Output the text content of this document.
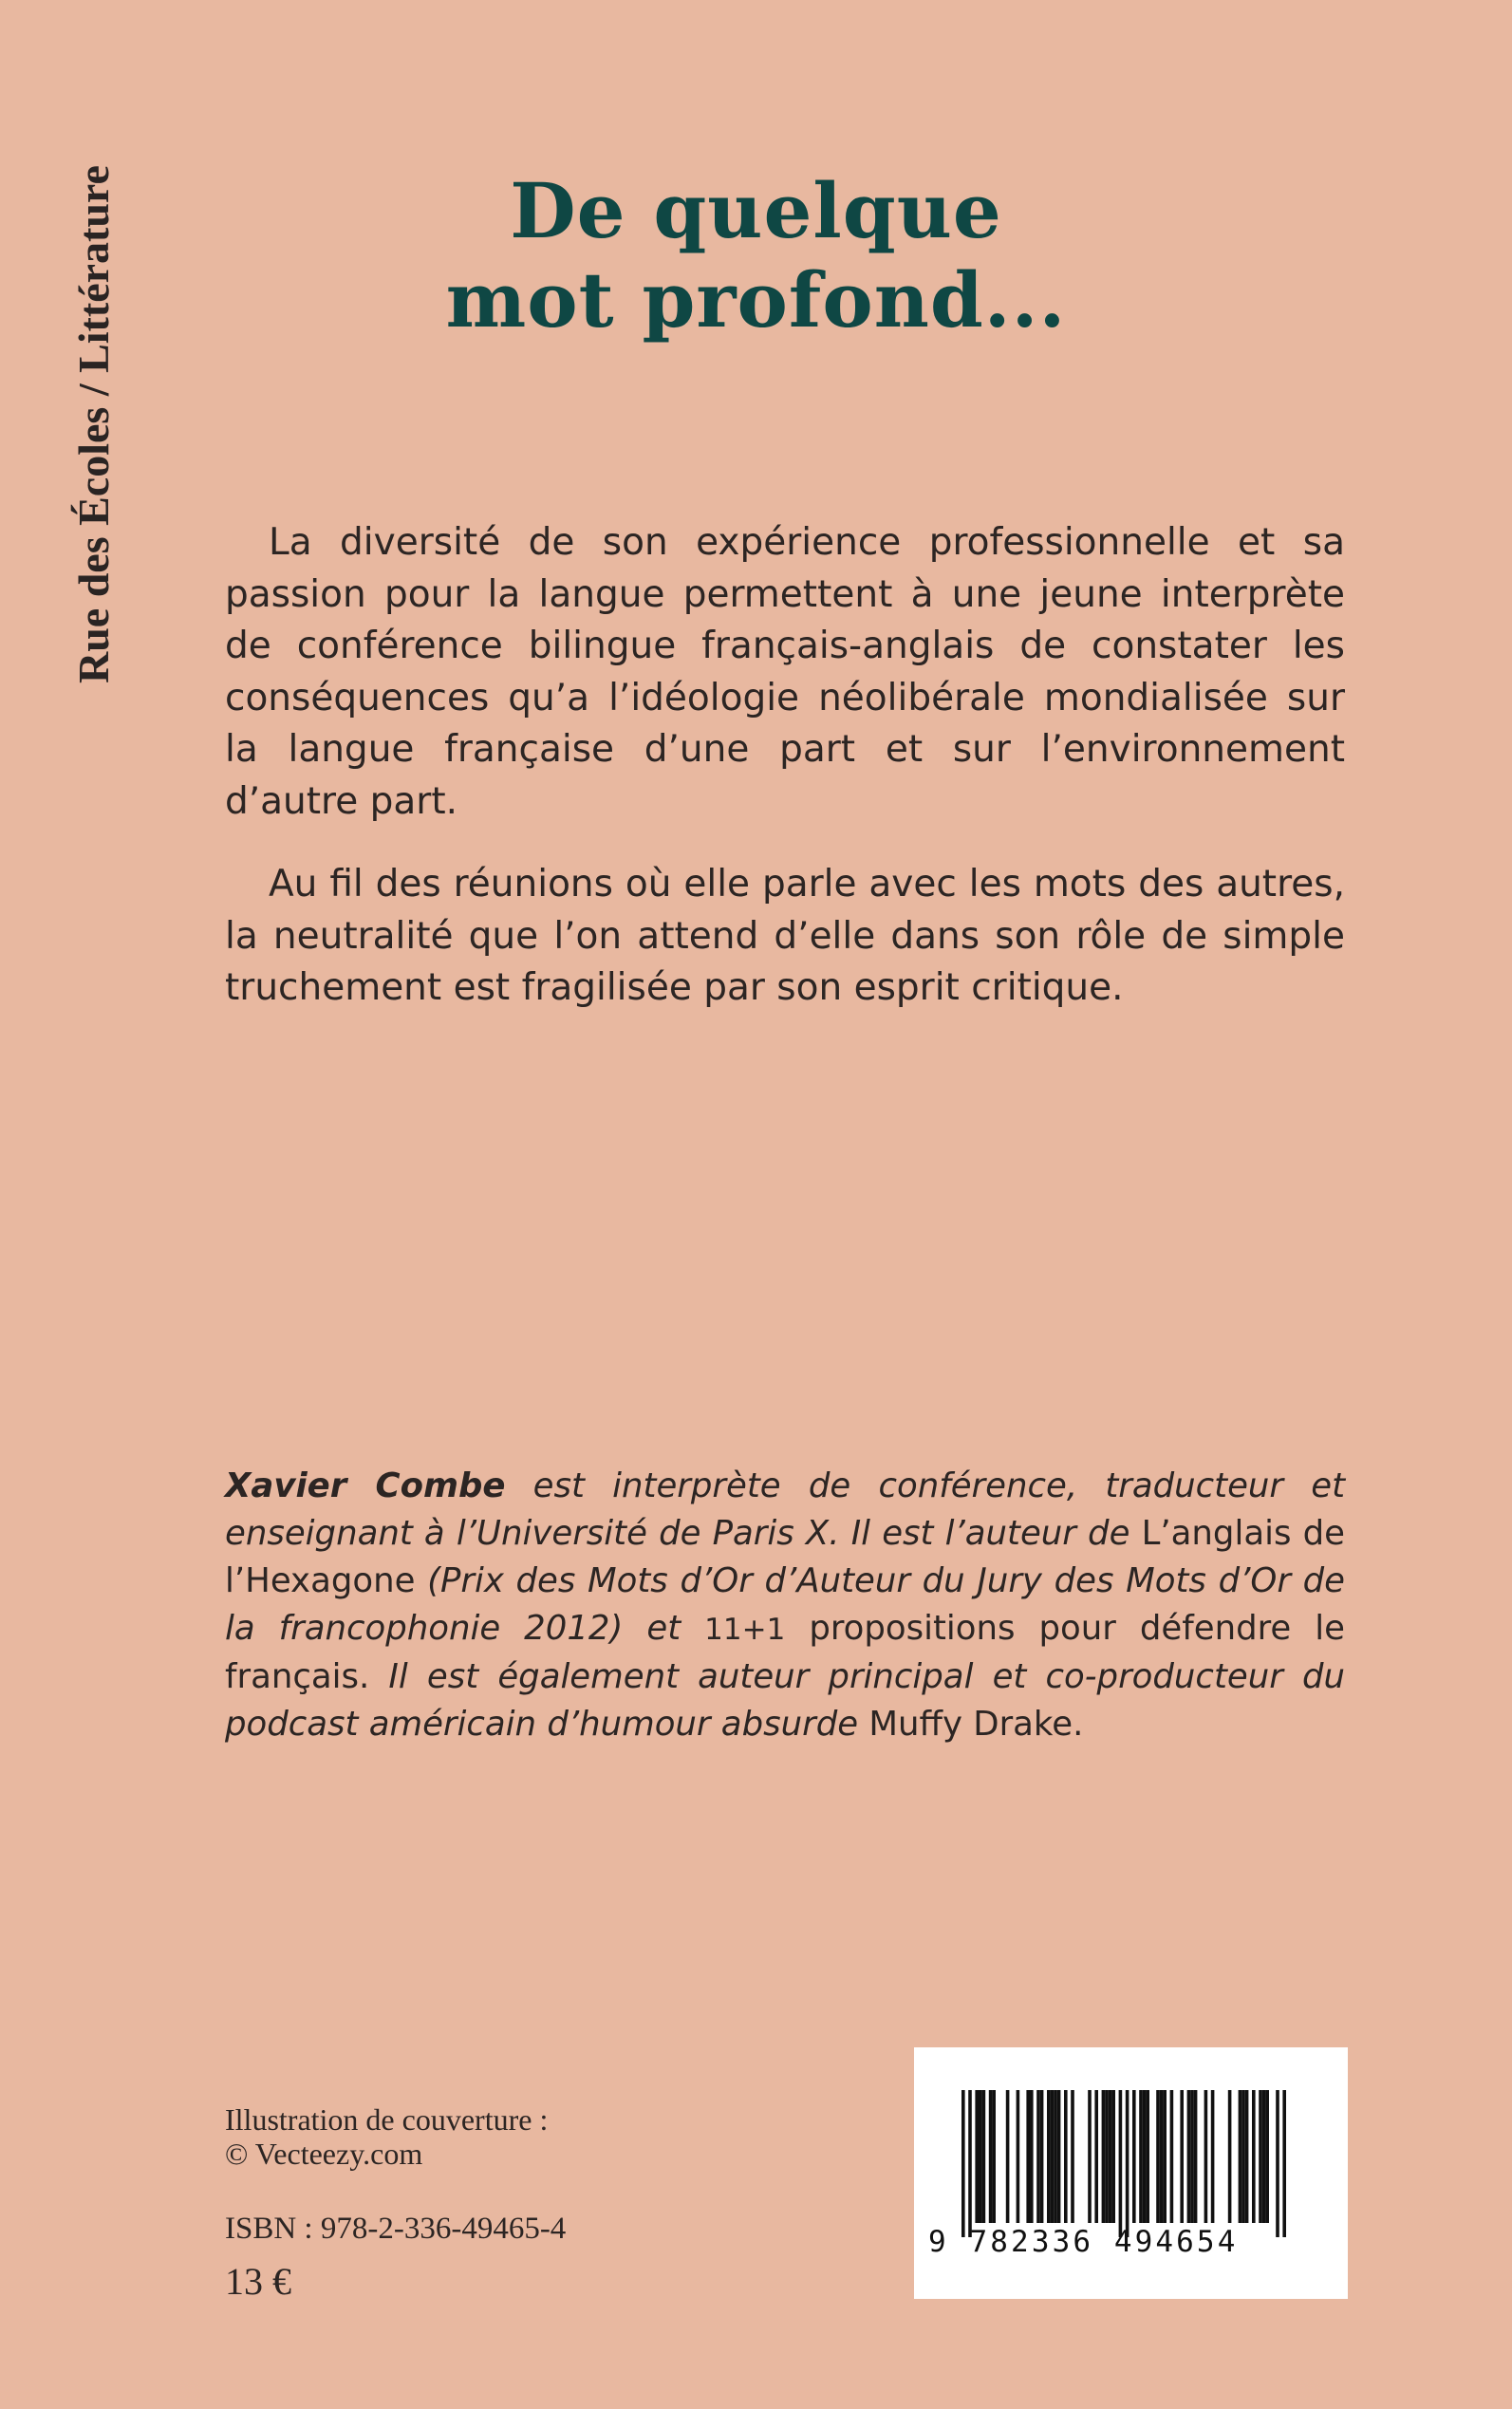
Rue des Écoles / Littérature	De quelque
mot profond...

La diversité de son expérience professionnelle et sa passion pour la langue permettent à une jeune interprète de conférence bilingue français-anglais de constater les conséquences qu’a l’idéologie néolibérale mondialisée sur la langue française d’une part et sur l’environnement d’autre part.

Au fil des réunions où elle parle avec les mots des autres, la neutralité que l’on attend d’elle dans son rôle de simple truchement est fragilisée par son esprit critique.

Xavier Combe est interprète de conférence, traducteur et enseignant à l’Université de Paris X. Il est l’auteur de L’anglais de l’Hexagone (Prix des Mots d’Or d’Auteur du Jury des Mots d’Or de la francophonie 2012) et 11+1 propositions pour défendre le français. Il est également auteur principal et co-producteur du podcast américain d’humour absurde Muffy Drake.

Illustration de couverture :
© Vecteezy.com
ISBN : 978-2-336-49465-4
13 €
9 782336 494654
